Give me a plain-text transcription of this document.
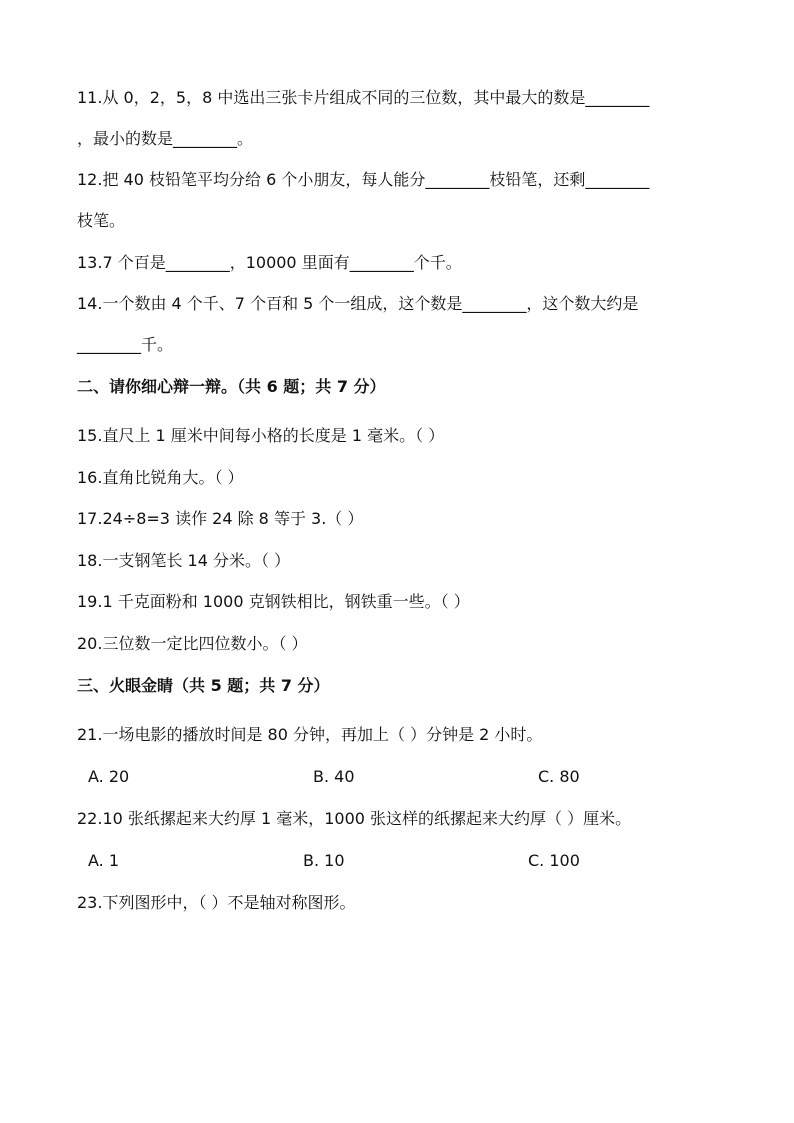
11.从 0，2，5，8 中选出三张卡片组成不同的三位数，其中最大的数是________
，最小的数是________。
12.把 40 枝铅笔平均分给 6 个小朋友，每人能分________枝铅笔，还剩________
枝笔。
13.7 个百是________，10000 里面有________个千。
14.一个数由 4 个千、7 个百和 5 个一组成，这个数是________，这个数大约是
________千。
二、请你细心辩一辩。（共 6 题；共 7 分）
15.直尺上 1 厘米中间每小格的长度是 1 毫米。（ ）
16.直角比锐角大。（ ）
17.24÷8=3 读作 24 除 8 等于 3.（ ）
18.一支钢笔长 14 分米。（ ）
19.1 千克面粉和 1000 克钢铁相比，钢铁重一些。（ ）
20.三位数一定比四位数小。（ ）
三、火眼金睛（共 5 题；共 7 分）
21.一场电影的播放时间是 80 分钟，再加上（ ）分钟是 2 小时。
A. 20	B. 40	C. 80
22.10 张纸摞起来大约厚 1 毫米，1000 张这样的纸摞起来大约厚（ ）厘米。
A. 1	B. 10	C. 100
23.下列图形中，（ ）不是轴对称图形。
